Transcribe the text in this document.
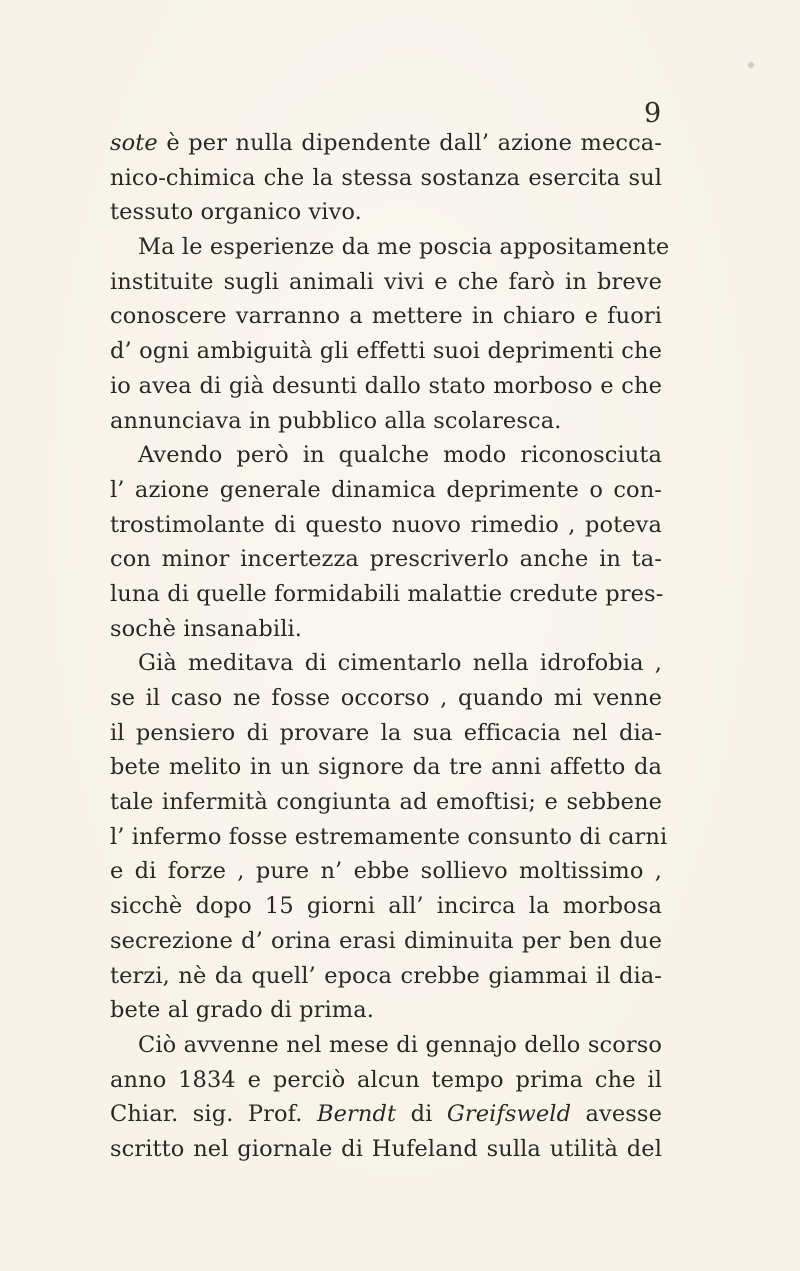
9
sote è per nulla dipendente dall’ azione mecca-
nico-chimica che la stessa sostanza esercita sul
tessuto organico vivo.
Ma le esperienze da me poscia appositamente
instituite sugli animali vivi e che farò in breve
conoscere varranno a mettere in chiaro e fuori
d’ ogni ambiguità gli effetti suoi deprimenti che
io avea di già desunti dallo stato morboso e che
annunciava in pubblico alla scolaresca.
Avendo però in qualche modo riconosciuta
l’ azione generale dinamica deprimente o con-
trostimolante di questo nuovo rimedio , poteva
con minor incertezza prescriverlo anche in ta-
luna di quelle formidabili malattie credute pres-
sochè insanabili.
Già meditava di cimentarlo nella idrofobia ,
se il caso ne fosse occorso , quando mi venne
il pensiero di provare la sua efficacia nel dia-
bete melito in un signore da tre anni affetto da
tale infermità congiunta ad emoftisi; e sebbene
l’ infermo fosse estremamente consunto di carni
e di forze , pure n’ ebbe sollievo moltissimo ,
sicchè dopo 15 giorni all’ incirca la morbosa
secrezione d’ orina erasi diminuita per ben due
terzi, nè da quell’ epoca crebbe giammai il dia-
bete al grado di prima.
Ciò avvenne nel mese di gennajo dello scorso
anno 1834 e perciò alcun tempo prima che il
Chiar. sig. Prof. Berndt di Greifsweld avesse
scritto nel giornale di Hufeland sulla utilità del
